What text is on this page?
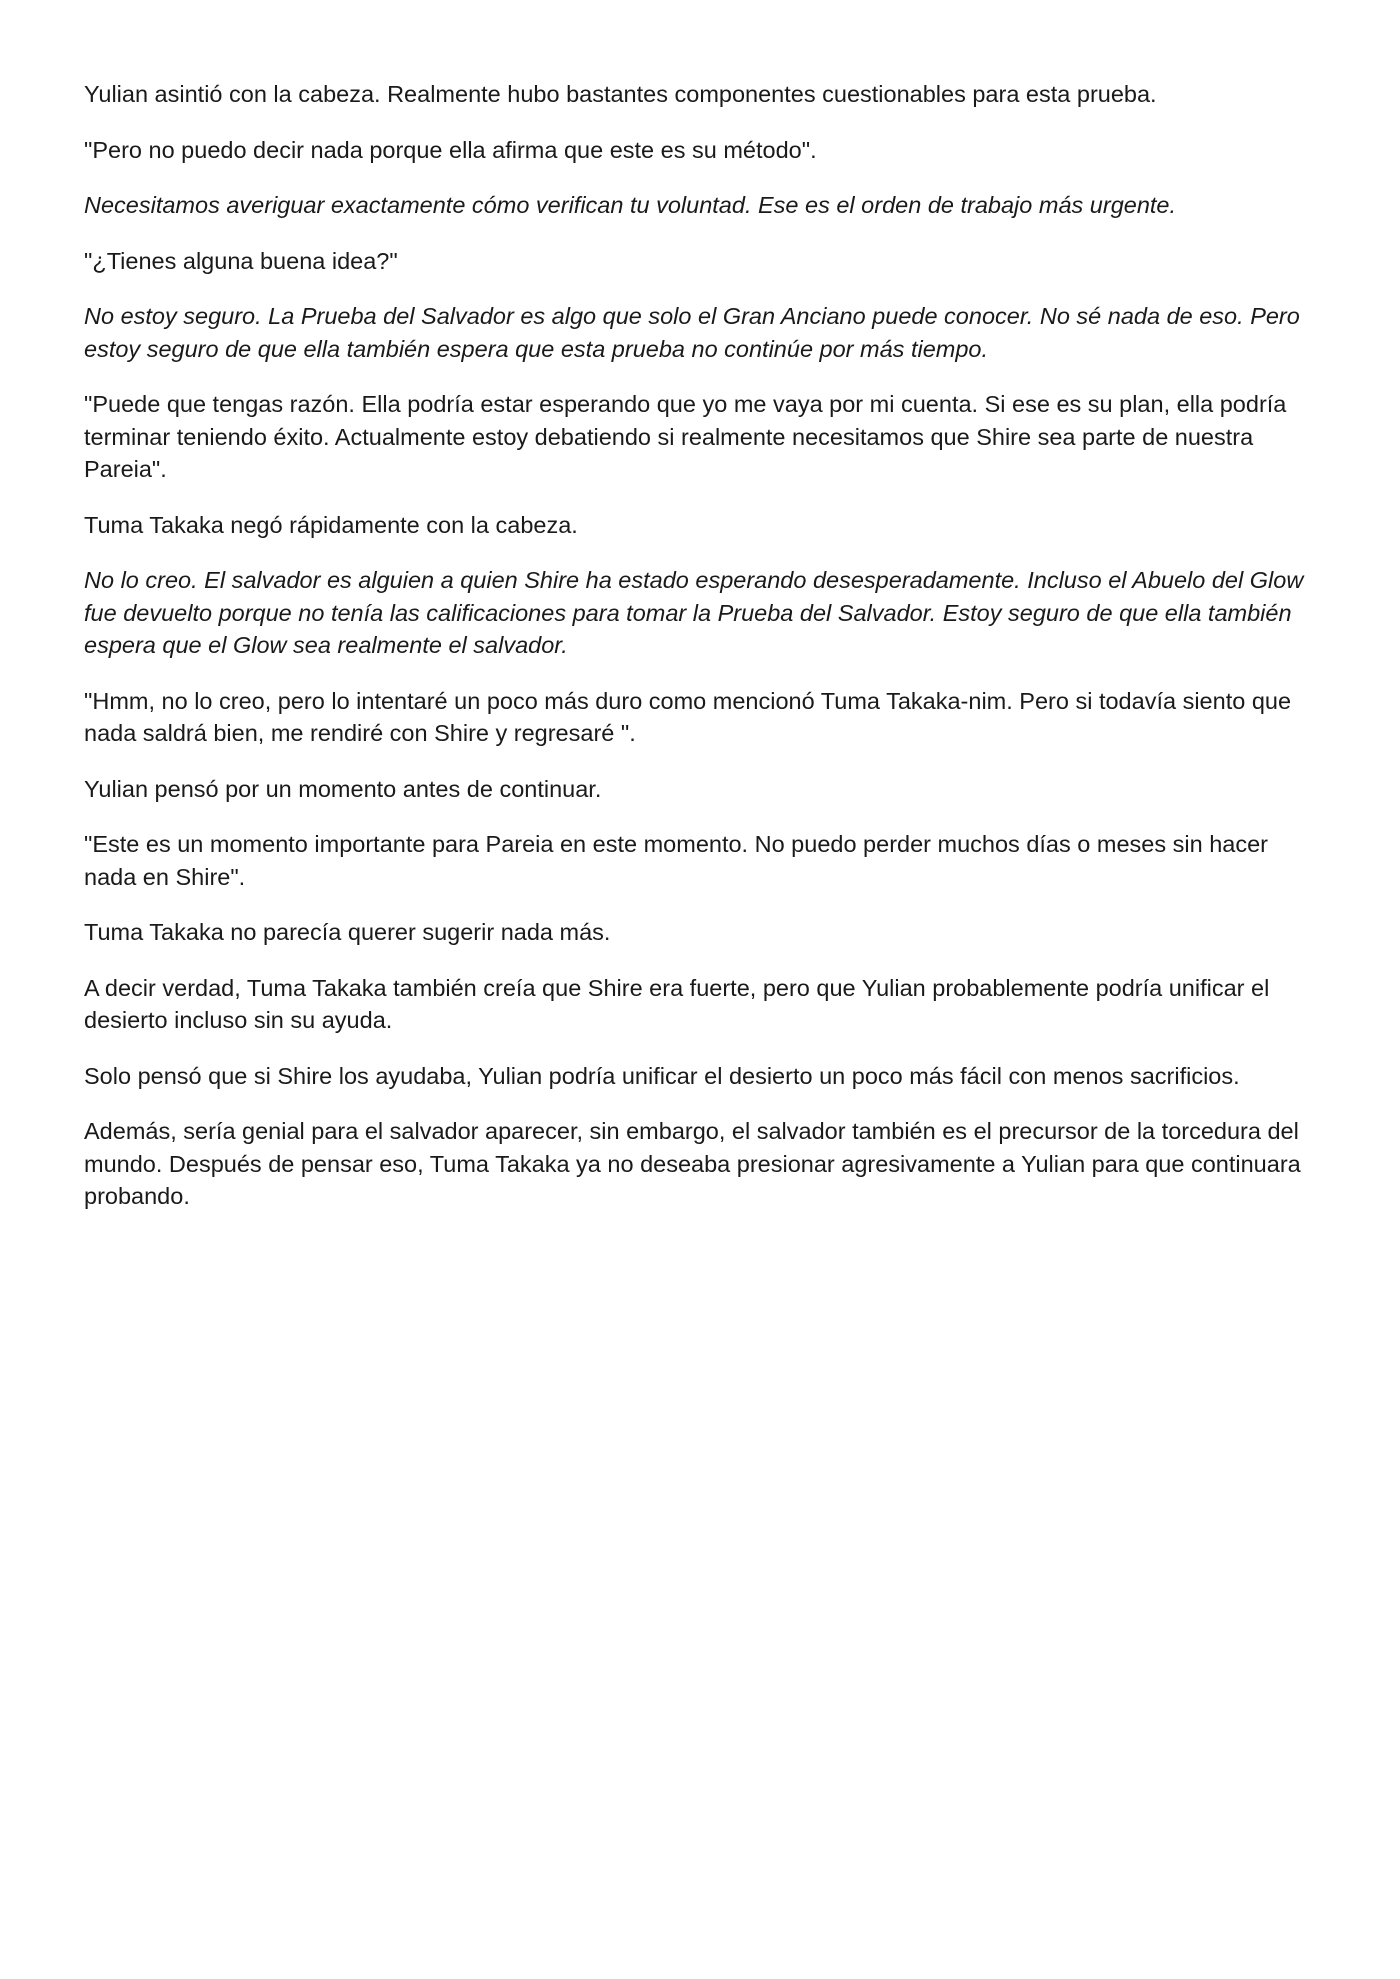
Yulian asintió con la cabeza. Realmente hubo bastantes componentes cuestionables para esta prueba.

"Pero no puedo decir nada porque ella afirma que este es su método".

Necesitamos averiguar exactamente cómo verifican tu voluntad. Ese es el orden de trabajo más urgente.

"¿Tienes alguna buena idea?"

No estoy seguro. La Prueba del Salvador es algo que solo el Gran Anciano puede conocer. No sé nada de eso. Pero estoy seguro de que ella también espera que esta prueba no continúe por más tiempo.

"Puede que tengas razón. Ella podría estar esperando que yo me vaya por mi cuenta. Si ese es su plan, ella podría terminar teniendo éxito. Actualmente estoy debatiendo si realmente necesitamos que Shire sea parte de nuestra Pareia".

Tuma Takaka negó rápidamente con la cabeza.

No lo creo. El salvador es alguien a quien Shire ha estado esperando desesperadamente. Incluso el Abuelo del Glow fue devuelto porque no tenía las calificaciones para tomar la Prueba del Salvador. Estoy seguro de que ella también espera que el Glow sea realmente el salvador.

"Hmm, no lo creo, pero lo intentaré un poco más duro como mencionó Tuma Takaka-nim. Pero si todavía siento que nada saldrá bien, me rendiré con Shire y regresaré ".

Yulian pensó por un momento antes de continuar.

"Este es un momento importante para Pareia en este momento. No puedo perder muchos días o meses sin hacer nada en Shire".

Tuma Takaka no parecía querer sugerir nada más.

A decir verdad, Tuma Takaka también creía que Shire era fuerte, pero que Yulian probablemente podría unificar el desierto incluso sin su ayuda.

Solo pensó que si Shire los ayudaba, Yulian podría unificar el desierto un poco más fácil con menos sacrificios.

Además, sería genial para el salvador aparecer, sin embargo, el salvador también es el precursor de la torcedura del mundo. Después de pensar eso, Tuma Takaka ya no deseaba presionar agresivamente a Yulian para que continuara probando.
